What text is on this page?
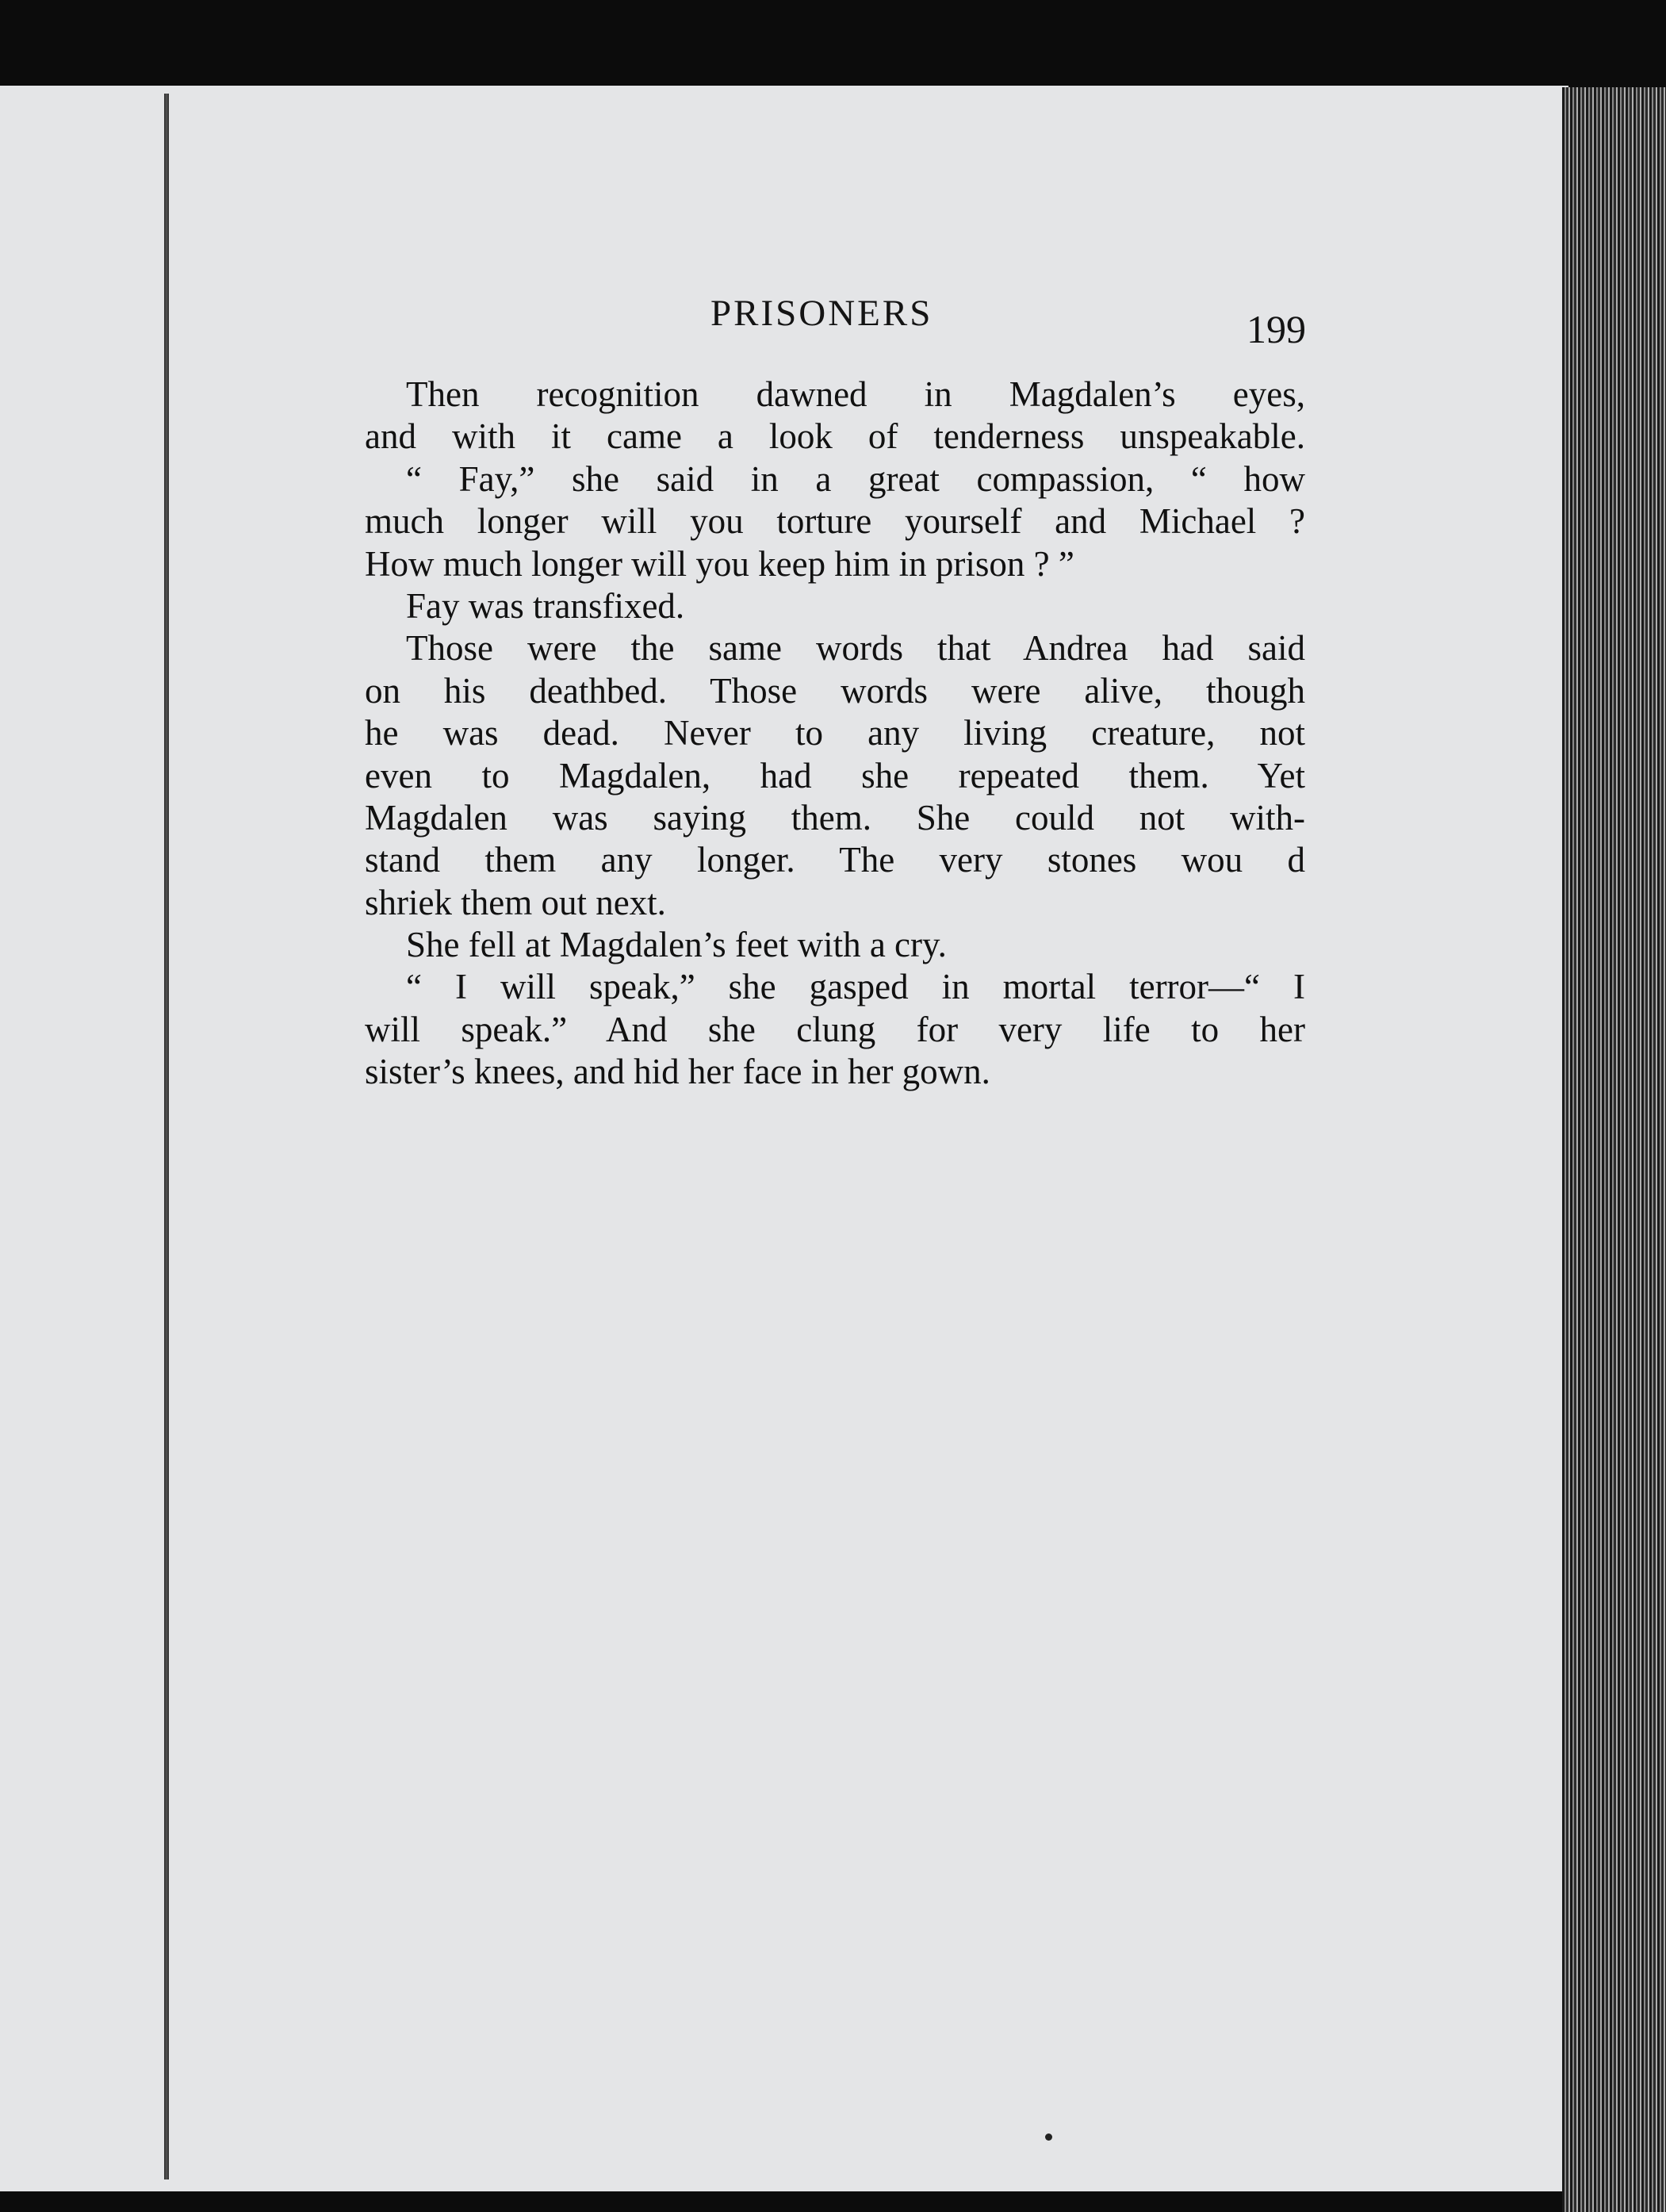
PRISONERS	199
Then recognition dawned in Magdalen’s eyes,
and with it came a look of tenderness unspeakable.
“ Fay,” she said in a great compassion, “ how
much longer will you torture yourself and Michael ?
How much longer will you keep him in prison ? ”
Fay was transfixed.
Those were the same words that Andrea had said
on his deathbed. Those words were alive, though
he was dead. Never to any living creature, not
even to Magdalen, had she repeated them. Yet
Magdalen was saying them. She could not with-
stand them any longer. The very stones wou d
shriek them out next.
She fell at Magdalen’s feet with a cry.
“ I will speak,” she gasped in mortal terror—“ I
will speak.” And she clung for very life to her
sister’s knees, and hid her face in her gown.
